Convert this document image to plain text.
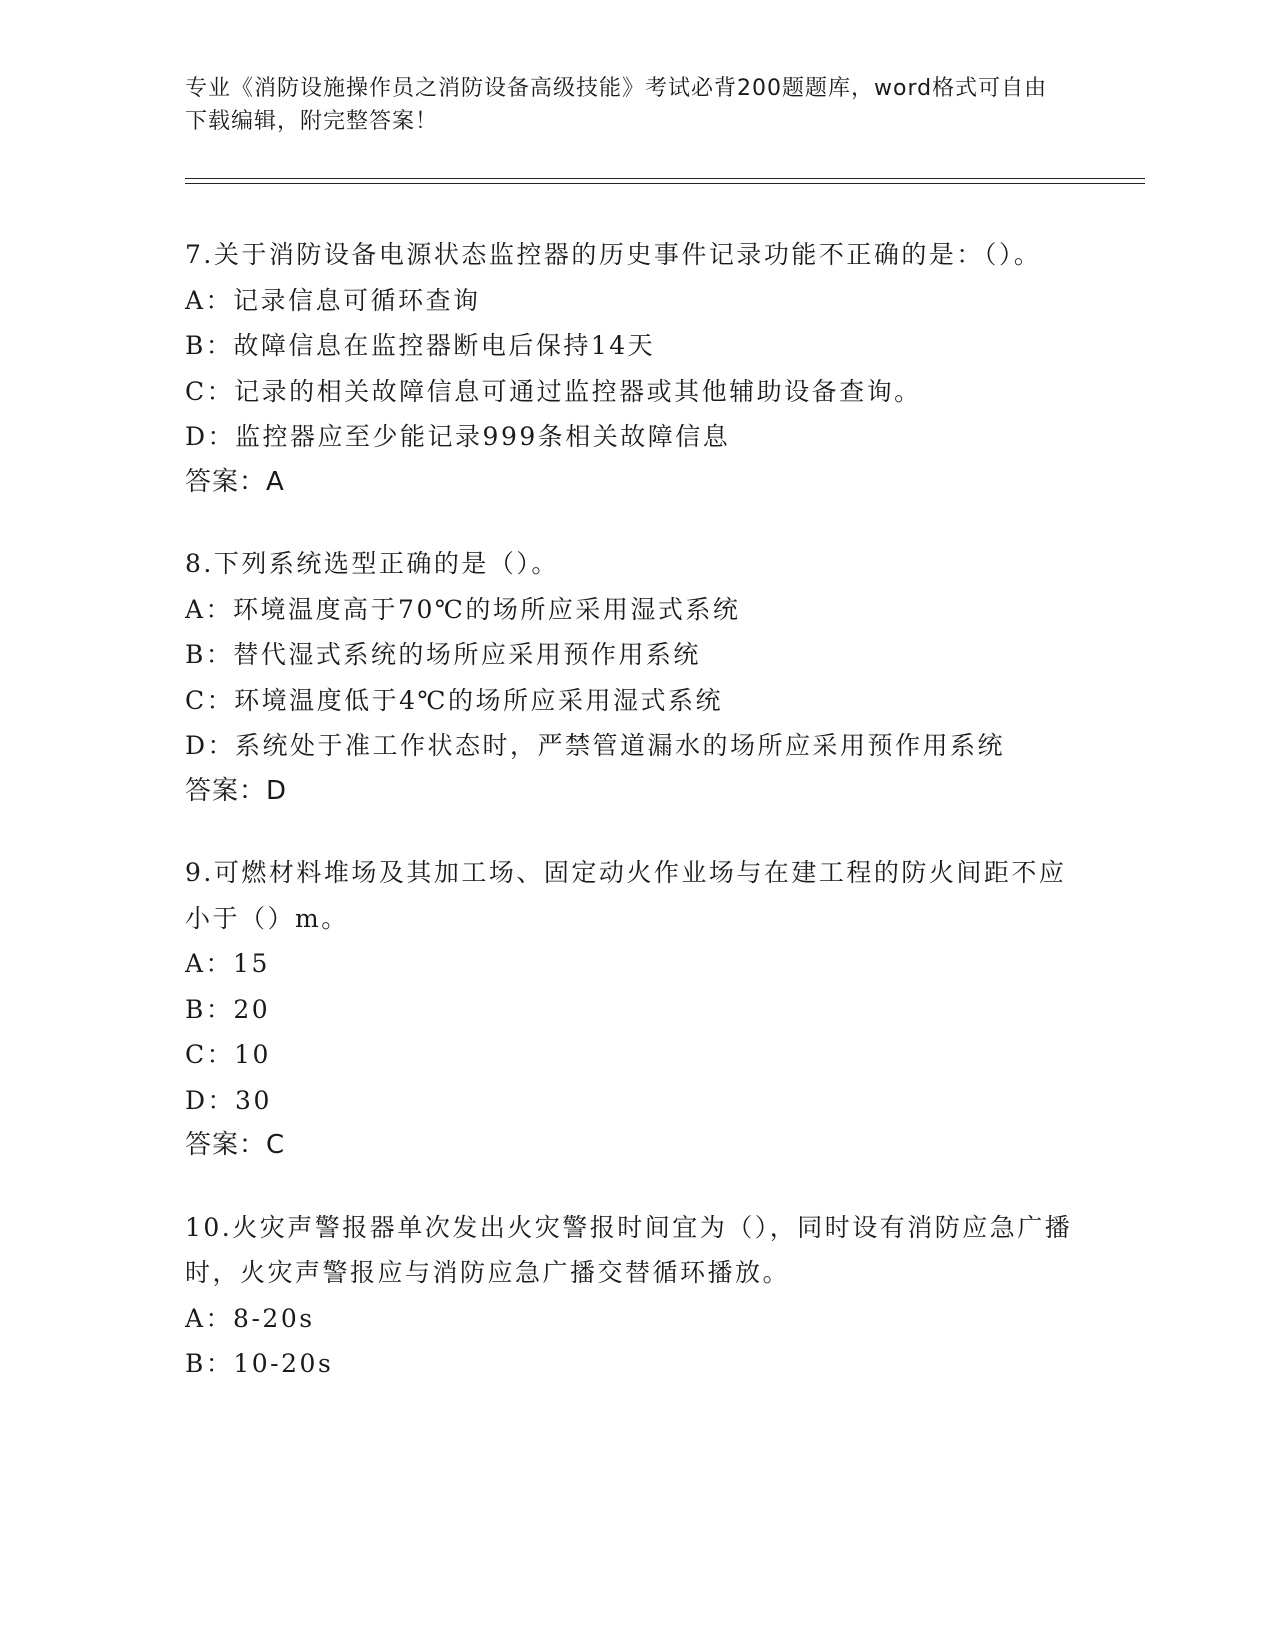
专业《消防设施操作员之消防设备高级技能》考试必背200题题库，word格式可自由下载编辑，附完整答案！

7.关于消防设备电源状态监控器的历史事件记录功能不正确的是：（）。

A：记录信息可循环查询

B：故障信息在监控器断电后保持14天

C：记录的相关故障信息可通过监控器或其他辅助设备查询。

D：监控器应至少能记录999条相关故障信息

答案：A

8.下列系统选型正确的是（）。

A：环境温度高于70℃的场所应采用湿式系统

B：替代湿式系统的场所应采用预作用系统

C：环境温度低于4℃的场所应采用湿式系统

D：系统处于准工作状态时，严禁管道漏水的场所应采用预作用系统

答案：D

9.可燃材料堆场及其加工场、固定动火作业场与在建工程的防火间距不应小于（）m。

A：15

B：20

C：10

D：30

答案：C

10.火灾声警报器单次发出火灾警报时间宜为（），同时设有消防应急广播时，火灾声警报应与消防应急广播交替循环播放。

A：8-20s

B：10-20s
